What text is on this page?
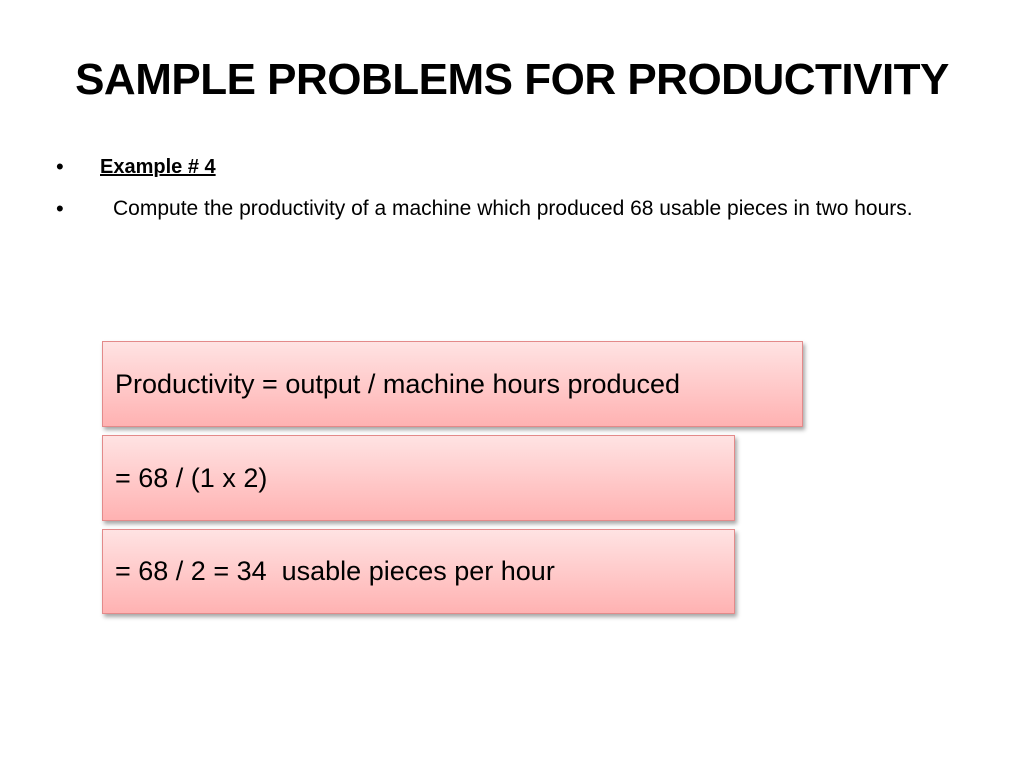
SAMPLE PROBLEMS FOR PRODUCTIVITY
•	Example # 4
•	Compute the productivity of a machine which produced 68 usable pieces in two hours.
Productivity = output / machine hours produced
= 68 / (1 x 2)
= 68 / 2 = 34  usable pieces per hour
